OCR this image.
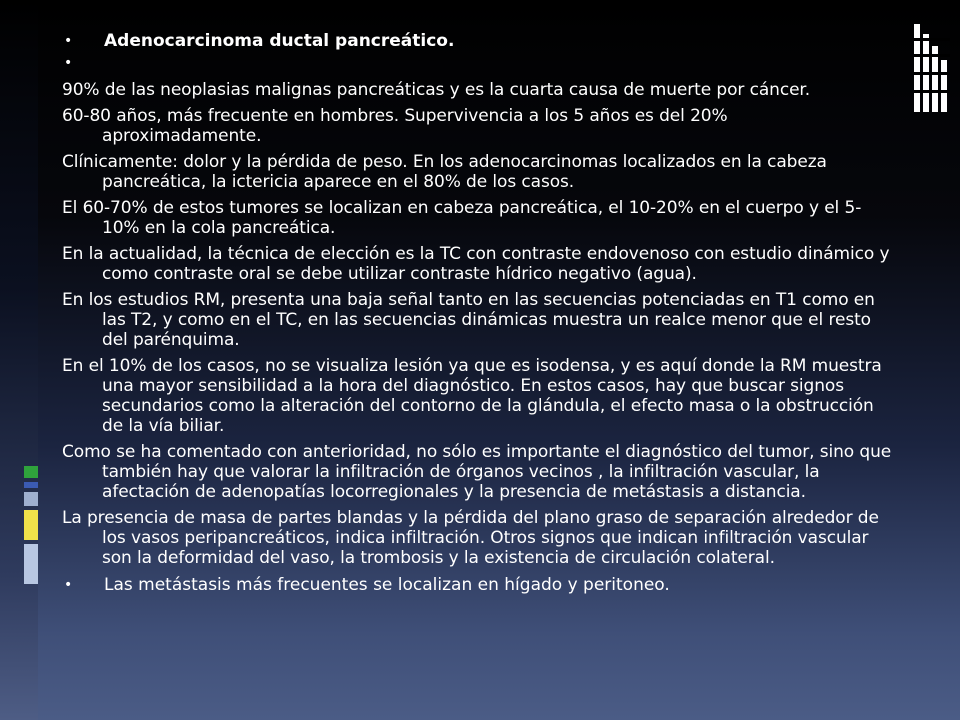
• Adenocarcinoma ductal pancreático.

•

90% de las neoplasias malignas pancreáticas y es la cuarta causa de muerte por cáncer.

60-80 años, más frecuente en hombres. Supervivencia a los 5 años es del 20% aproximadamente.

Clínicamente: dolor y la pérdida de peso. En los adenocarcinomas localizados en la cabeza pancreática, la ictericia aparece en el 80% de los casos.

El 60-70% de estos tumores se localizan en cabeza pancreática, el 10-20% en el cuerpo y el 5-10% en la cola pancreática.

En la actualidad, la técnica de elección es la TC con contraste endovenoso con estudio dinámico y como contraste oral se debe utilizar contraste hídrico negativo (agua).

En los estudios RM, presenta una baja señal tanto en las secuencias potenciadas en T1 como en las T2, y como en el TC, en las secuencias dinámicas muestra un realce menor que el resto del parénquima.

En el 10% de los casos, no se visualiza lesión ya que es isodensa, y es aquí donde la RM muestra una mayor sensibilidad a la hora del diagnóstico. En estos casos, hay que buscar signos secundarios como la alteración del contorno de la glándula, el efecto masa o la obstrucción de la vía biliar.

Como se ha comentado con anterioridad, no sólo es importante el diagnóstico del tumor, sino que también hay que valorar la infiltración de órganos vecinos , la infiltración vascular, la afectación de adenopatías locorregionales y la presencia de metástasis a distancia.

La presencia de masa de partes blandas y la pérdida del plano graso de separación alrededor de los vasos peripancreáticos, indica infiltración. Otros signos que indican infiltración vascular son la deformidad del vaso, la trombosis y la existencia de circulación colateral.

• Las metástasis más frecuentes se localizan en hígado y peritoneo.
